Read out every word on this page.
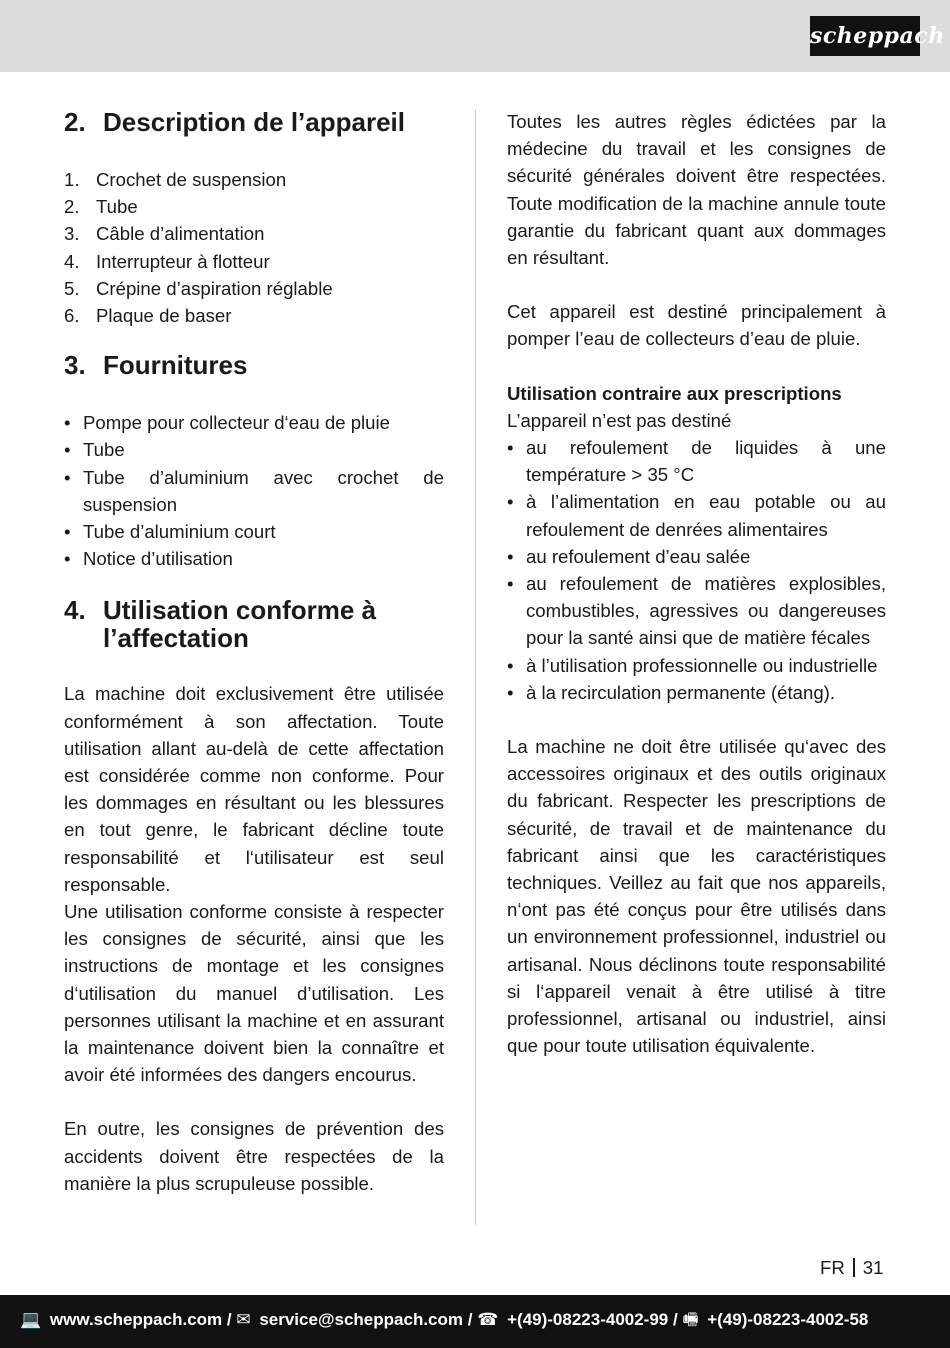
scheppach
2. Description de l’appareil
1. Crochet de suspension
2. Tube
3. Câble d’alimentation
4. Interrupteur à flotteur
5. Crépine d’aspiration réglable
6. Plaque de baser
3. Fournitures
• Pompe pour collecteur d‘eau de pluie
• Tube
• Tube d’aluminium avec crochet de suspension
• Tube d’aluminium court
• Notice d’utilisation
4. Utilisation conforme à l’affectation

La machine doit exclusivement être utilisée conformément à son affectation. Toute utilisation allant au-delà de cette affectation est considérée comme non conforme. Pour les dommages en résultant ou les blessures en tout genre, le fabricant décline toute responsabilité et l‘utilisateur est seul responsable.

Une utilisation conforme consiste à respecter les consignes de sécurité, ainsi que les instructions de montage et les consignes d‘utilisation du manuel d’utilisation. Les personnes utilisant la machine et en assurant la maintenance doivent bien la connaître et avoir été informées des dangers encourus.

En outre, les consignes de prévention des accidents doivent être respectées de la manière la plus scrupuleuse possible.

Toutes les autres règles édictées par la médecine du travail et les consignes de sécurité générales doivent être respectées. Toute modification de la machine annule toute garantie du fabricant quant aux dommages en résultant.

Cet appareil est destiné principalement à pomper l’eau de collecteurs d’eau de pluie.

Utilisation contraire aux prescriptions
L’appareil n’est pas destiné
• au refoulement de liquides à une température > 35 °C
• à l’alimentation en eau potable ou au refoulement de denrées alimentaires
• au refoulement d’eau salée
• au refoulement de matières explosibles, combustibles, agressives ou dangereuses pour la santé ainsi que de matière fécales
• à l’utilisation professionnelle ou industrielle
• à la recirculation permanente (étang).

La machine ne doit être utilisée qu‘avec des accessoires originaux et des outils originaux du fabricant. Respecter les prescriptions de sécurité, de travail et de maintenance du fabricant ainsi que les caractéristiques techniques. Veillez au fait que nos appareils, n‘ont pas été conçus pour être utilisés dans un environnement professionnel, industriel ou artisanal. Nous déclinons toute responsabilité si l‘appareil venait à être utilisé à titre professionnel, artisanal ou industriel, ainsi que pour toute utilisation équivalente.

FR 31
💻 www.scheppach.com / ✉ service@scheppach.com / ☎ +(49)-08223-4002-99 / 🖷 +(49)-08223-4002-58
